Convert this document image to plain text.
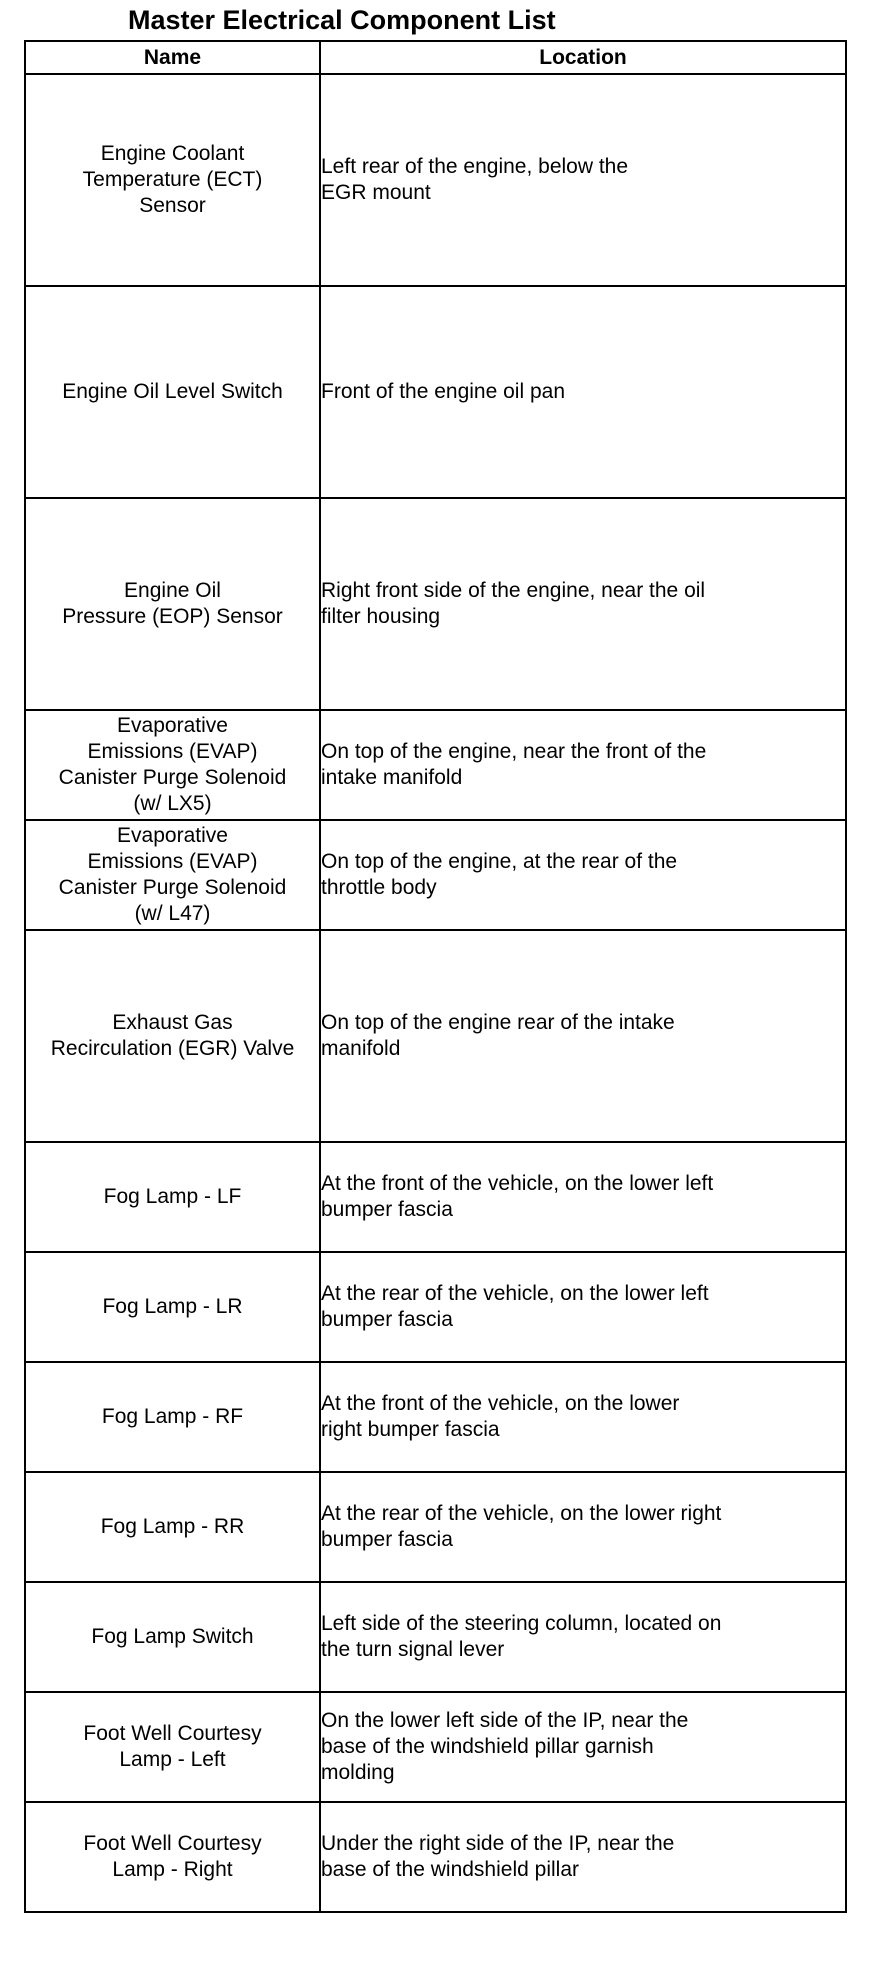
Master Electrical Component List
Name	Location
Engine Coolant
Temperature (ECT)
Sensor	Left rear of the engine, below the
EGR mount
Engine Oil Level Switch	Front of the engine oil pan
Engine Oil
Pressure (EOP) Sensor	Right front side of the engine, near the oil
filter housing
Evaporative
Emissions (EVAP)
Canister Purge Solenoid
(w/ LX5)	On top of the engine, near the front of the
intake manifold
Evaporative
Emissions (EVAP)
Canister Purge Solenoid
(w/ L47)	On top of the engine, at the rear of the
throttle body
Exhaust Gas
Recirculation (EGR) Valve	On top of the engine rear of the intake
manifold
Fog Lamp - LF	At the front of the vehicle, on the lower left
bumper fascia
Fog Lamp - LR	At the rear of the vehicle, on the lower left
bumper fascia
Fog Lamp - RF	At the front of the vehicle, on the lower
right bumper fascia
Fog Lamp - RR	At the rear of the vehicle, on the lower right
bumper fascia
Fog Lamp Switch	Left side of the steering column, located on
the turn signal lever
Foot Well Courtesy
Lamp - Left	On the lower left side of the IP, near the
base of the windshield pillar garnish
molding
Foot Well Courtesy
Lamp - Right	Under the right side of the IP, near the
base of the windshield pillar
